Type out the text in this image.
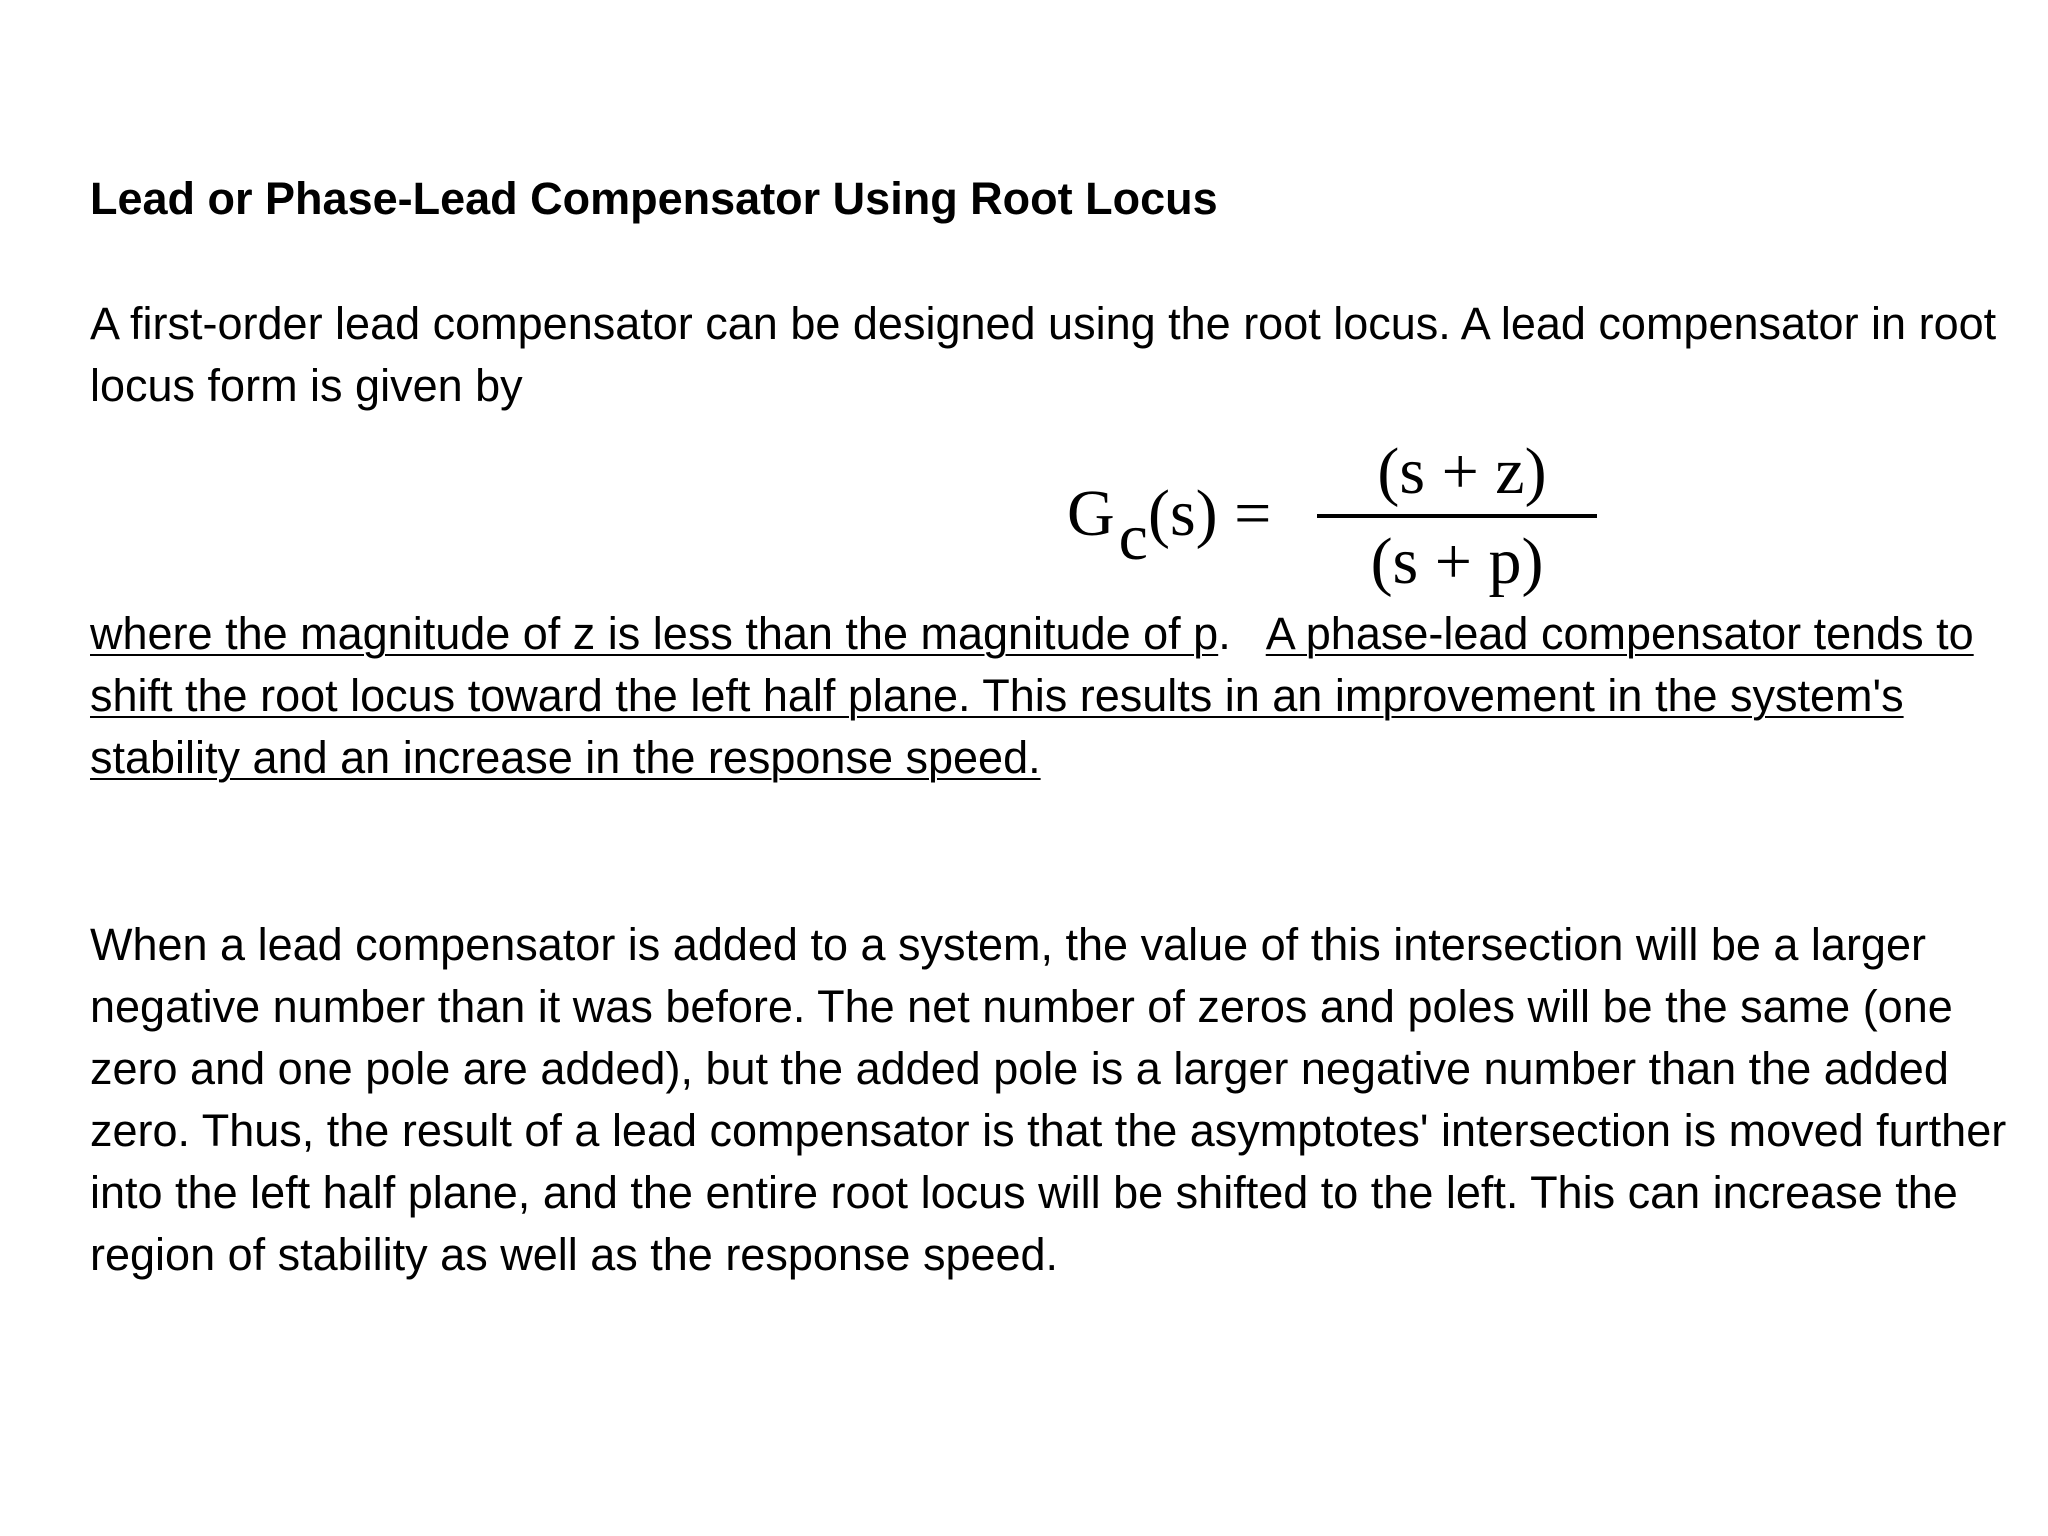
Lead or Phase-Lead Compensator Using Root Locus

A first-order lead compensator can be designed using the root locus. A lead compensator in root locus form is given by

Gc(s) =
(s + z)
(s + p)

where the magnitude of z is less than the magnitude of p. A phase-lead compensator tends to shift the root locus toward the left half plane. This results in an improvement in the system's stability and an increase in the response speed.

When a lead compensator is added to a system, the value of this intersection will be a larger negative number than it was before. The net number of zeros and poles will be the same (one zero and one pole are added), but the added pole is a larger negative number than the added zero. Thus, the result of a lead compensator is that the asymptotes' intersection is moved further into the left half plane, and the entire root locus will be shifted to the left. This can increase the region of stability as well as the response speed.
